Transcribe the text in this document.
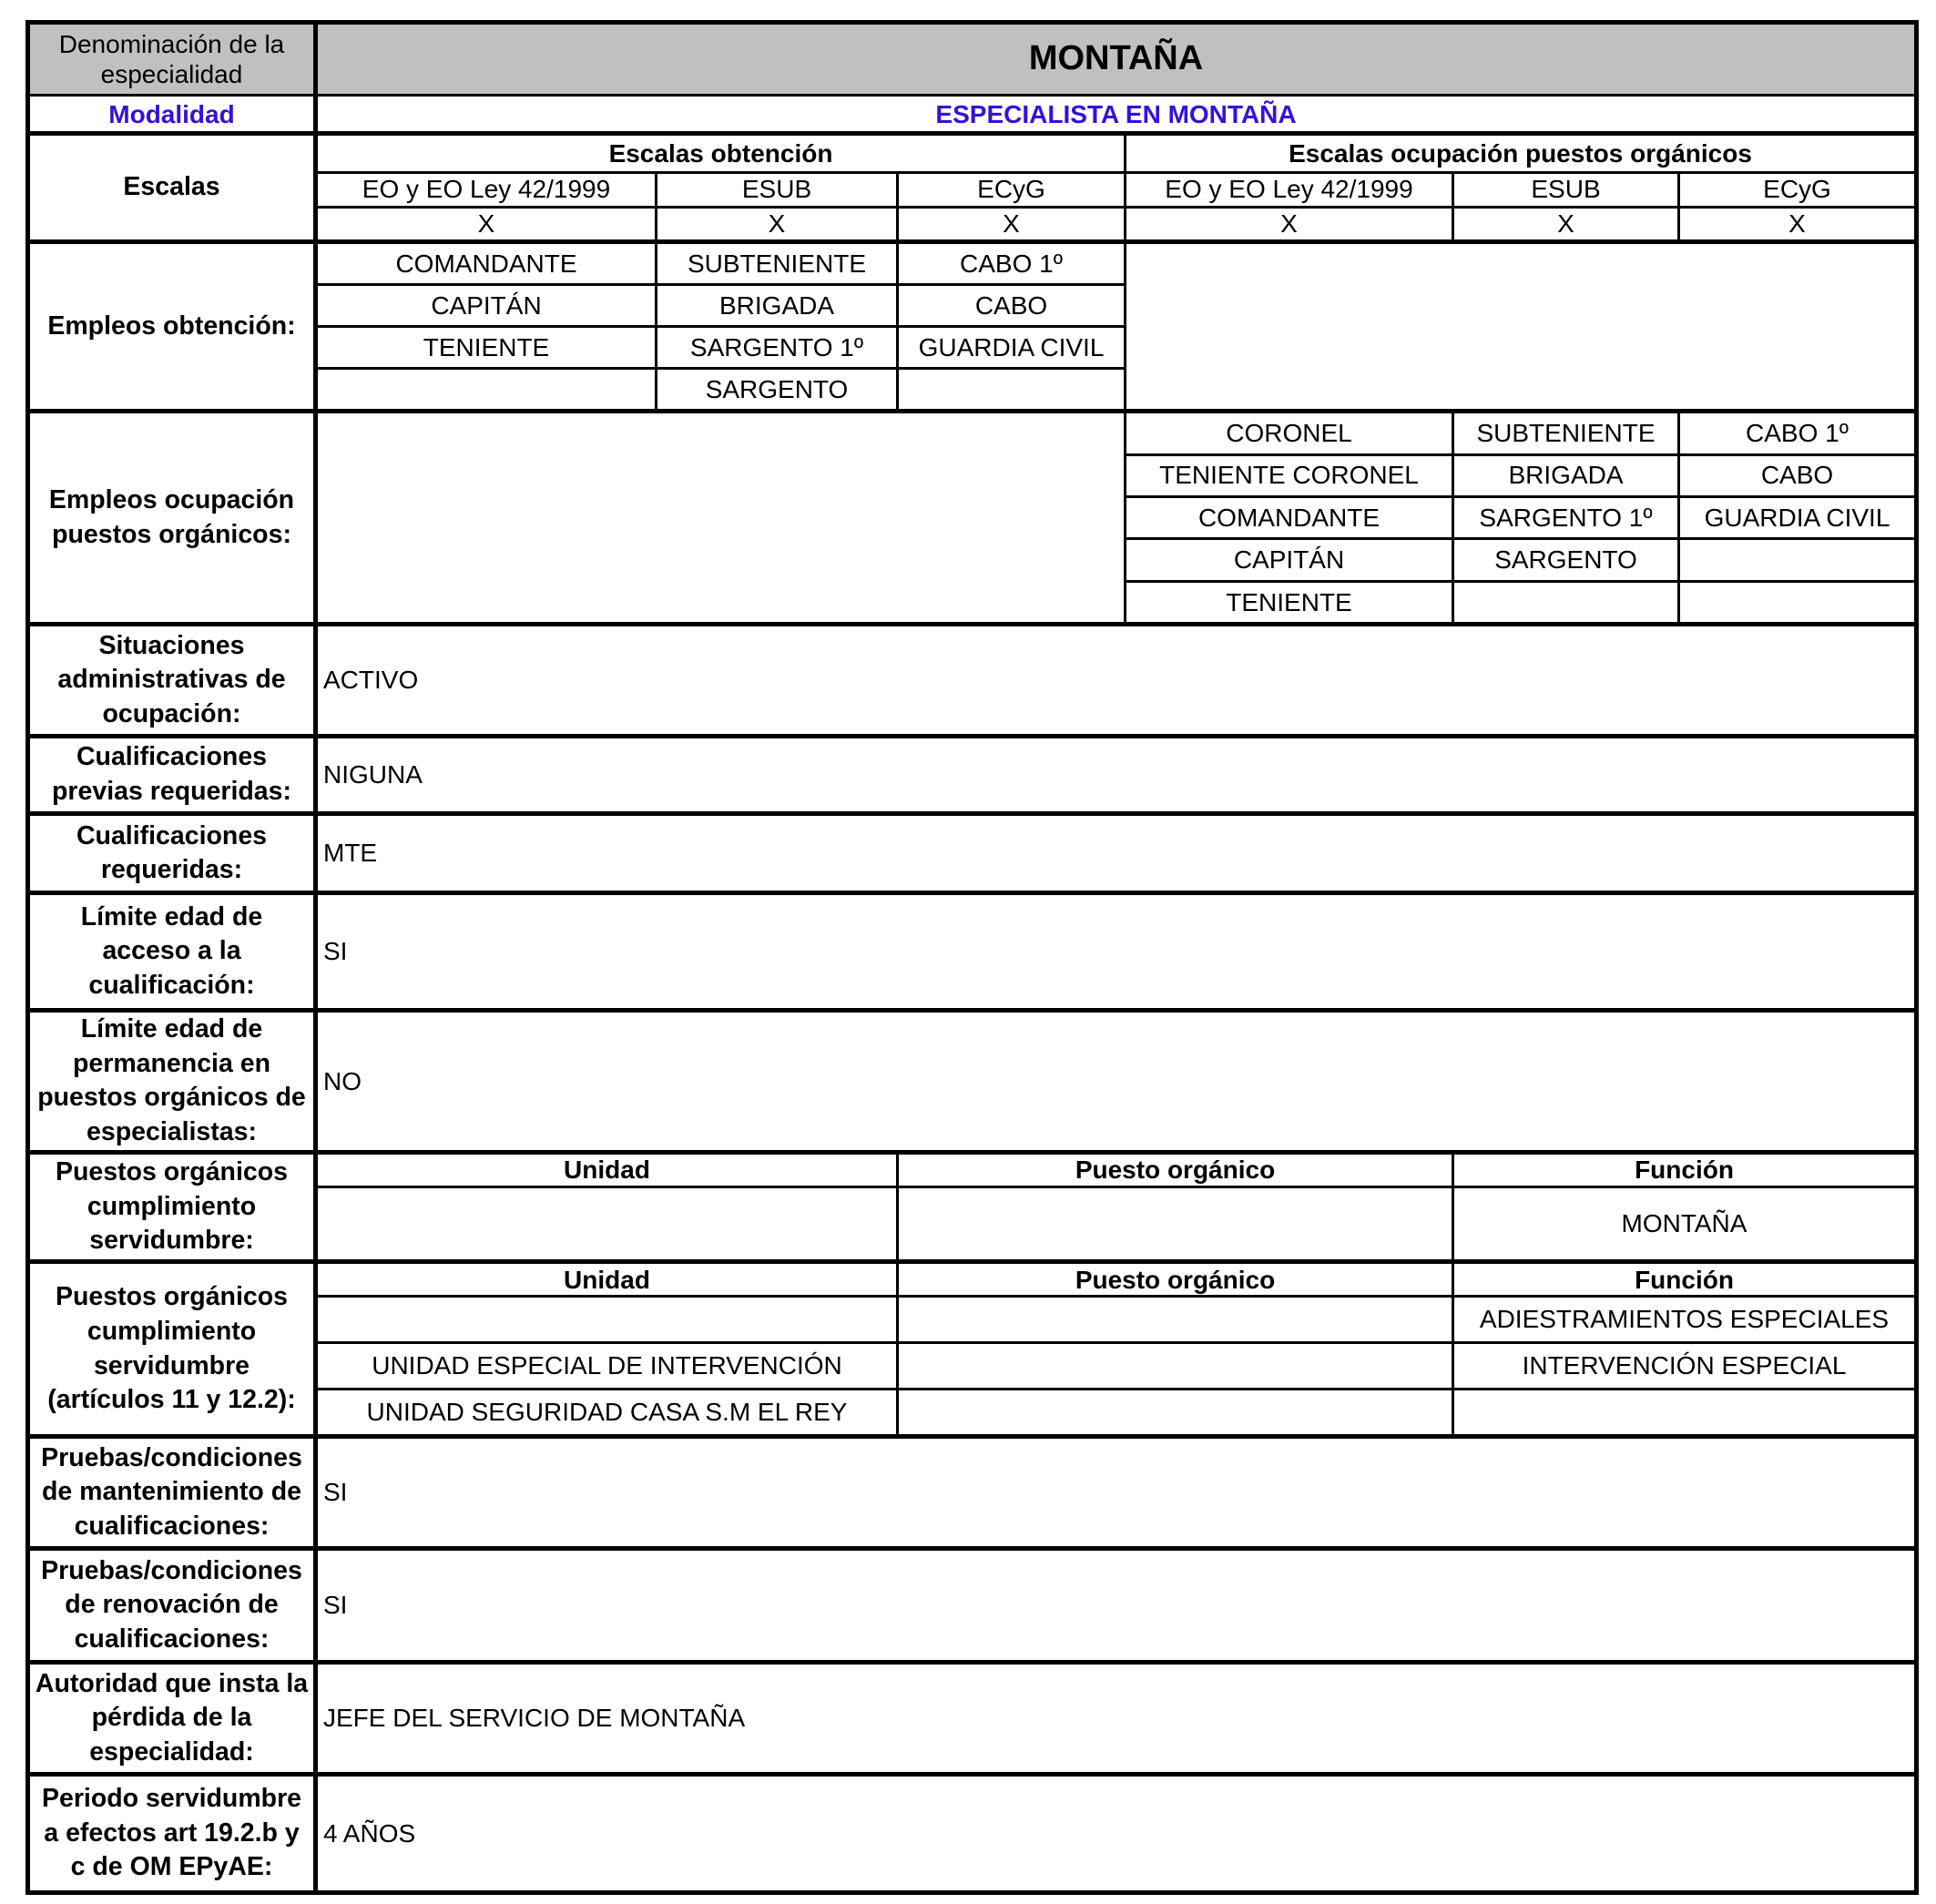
Denominación de la especialidad	MONTAÑA					
Modalidad	ESPECIALISTA EN MONTAÑA					
Escalas	Escalas obtención			Escalas ocupación puestos orgánicos		
	EO y EO Ley 42/1999	ESUB	ECyG	EO y EO Ley 42/1999	ESUB	ECyG
	X	X	X	X	X	X
Empleos obtención:	COMANDANTE	SUBTENIENTE	CABO 1º			
	CAPITÁN	BRIGADA	CABO			
	TENIENTE	SARGENTO 1º	GUARDIA CIVIL			
		SARGENTO				
Empleos ocupación puestos orgánicos:				CORONEL	SUBTENIENTE	CABO 1º
				TENIENTE CORONEL	BRIGADA	CABO
				COMANDANTE	SARGENTO 1º	GUARDIA CIVIL
				CAPITÁN	SARGENTO	
				TENIENTE		
Situaciones administrativas de ocupación:	ACTIVO					
Cualificaciones previas requeridas:	NIGUNA					
Cualificaciones requeridas:	MTE					
Límite edad de acceso a la cualificación:	SI					
Límite edad de permanencia en puestos orgánicos de especialistas:	NO					
Puestos orgánicos cumplimiento servidumbre:	Unidad		Puesto orgánico		Función	
					MONTAÑA	
Puestos orgánicos cumplimiento servidumbre (artículos 11 y 12.2):	Unidad		Puesto orgánico		Función	
					ADIESTRAMIENTOS ESPECIALES	
	UNIDAD ESPECIAL DE INTERVENCIÓN				INTERVENCIÓN ESPECIAL	
	UNIDAD SEGURIDAD CASA S.M EL REY					
Pruebas/condiciones de mantenimiento de cualificaciones:	SI					
Pruebas/condiciones de renovación de cualificaciones:	SI					
Autoridad que insta la pérdida de la especialidad:	JEFE DEL SERVICIO DE MONTAÑA					
Periodo servidumbre a efectos art 19.2.b y c de OM EPyAE:	4 AÑOS					
